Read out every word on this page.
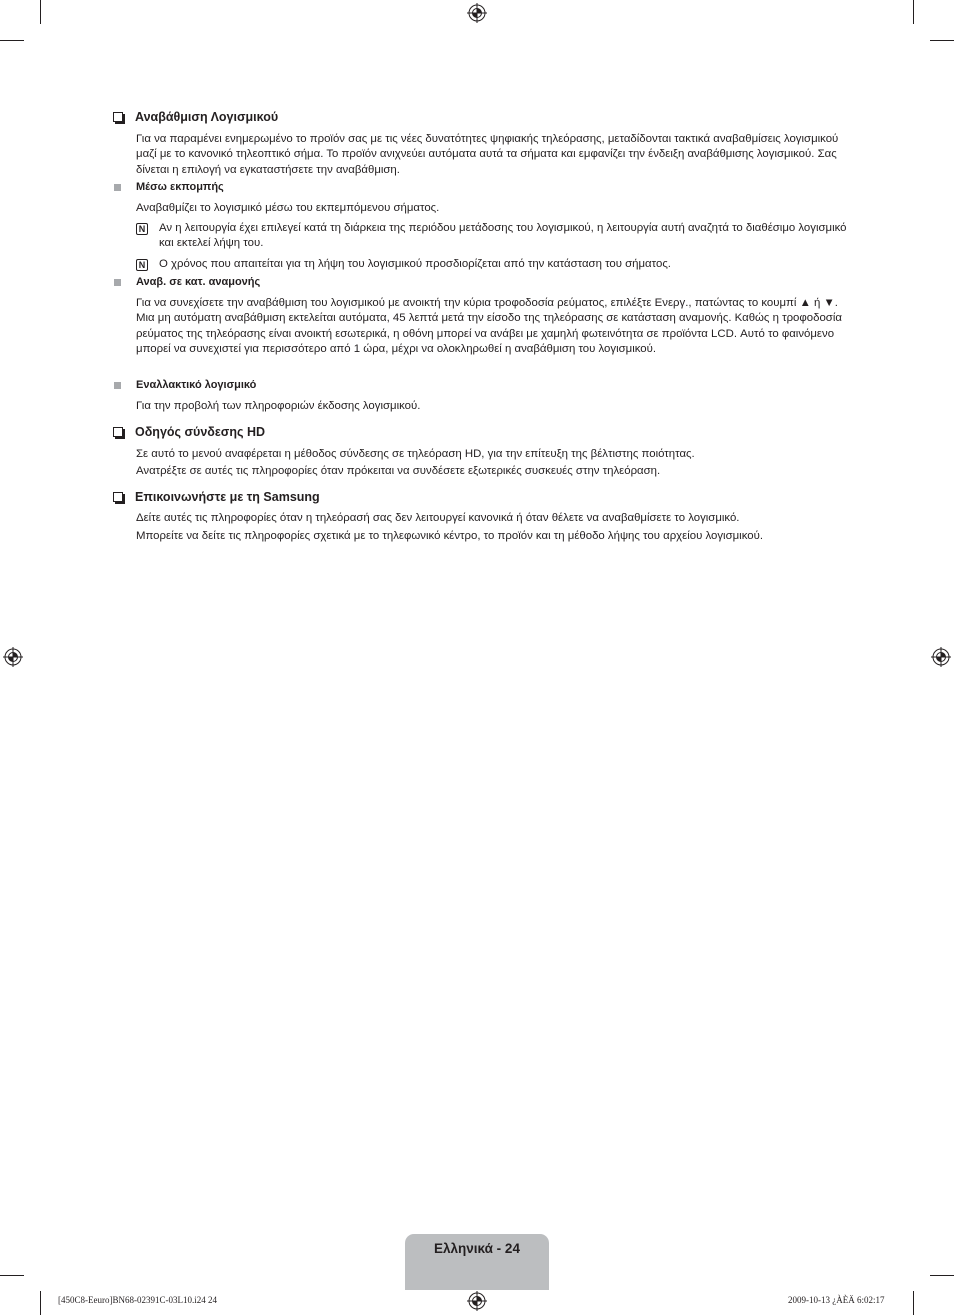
Αναβάθμιση Λογισμικού
Για να παραμένει ενημερωμένο το προϊόν σας με τις νέες δυνατότητες ψηφιακής τηλεόρασης, μεταδίδονται τακτικά αναβαθμίσεις λογισμικού μαζί με το κανονικό τηλεοπτικό σήμα. Το προϊόν ανιχνεύει αυτόματα αυτά τα σήματα και εμφανίζει την ένδειξη αναβάθμισης λογισμικού. Σας δίνεται η επιλογή να εγκαταστήσετε την αναβάθμιση.
Μέσω εκπομπής
Αναβαθμίζει το λογισμικό μέσω του εκπεμπόμενου σήματος.
N Αν η λειτουργία έχει επιλεγεί κατά τη διάρκεια της περιόδου μετάδοσης του λογισμικού, η λειτουργία αυτή αναζητά το διαθέσιμο λογισμικό και εκτελεί λήψη του.
N Ο χρόνος που απαιτείται για τη λήψη του λογισμικού προσδιορίζεται από την κατάσταση του σήματος.
Αναβ. σε κατ. αναμονής
Για να συνεχίσετε την αναβάθμιση του λογισμικού με ανοικτή την κύρια τροφοδοσία ρεύματος, επιλέξτε Ενεργ., πατώντας το κουμπί ▲ ή ▼. Μια μη αυτόματη αναβάθμιση εκτελείται αυτόματα, 45 λεπτά μετά την είσοδο της τηλεόρασης σε κατάσταση αναμονής. Καθώς η τροφοδοσία ρεύματος της τηλεόρασης είναι ανοικτή εσωτερικά, η οθόνη μπορεί να ανάβει με χαμηλή φωτεινότητα σε προϊόντα LCD. Αυτό το φαινόμενο μπορεί να συνεχιστεί για περισσότερο από 1 ώρα, μέχρι να ολοκληρωθεί η αναβάθμιση του λογισμικού.
Εναλλακτικό λογισμικό
Για την προβολή των πληροφοριών έκδοσης λογισμικού.
Οδηγός σύνδεσης HD
Σε αυτό το μενού αναφέρεται η μέθοδος σύνδεσης σε τηλεόραση HD, για την επίτευξη της βέλτιστης ποιότητας.
Ανατρέξτε σε αυτές τις πληροφορίες όταν πρόκειται να συνδέσετε εξωτερικές συσκευές στην τηλεόραση.
Επικοινωνήστε με τη Samsung
Δείτε αυτές τις πληροφορίες όταν η τηλεόρασή σας δεν λειτουργεί κανονικά ή όταν θέλετε να αναβαθμίσετε το λογισμικό.
Μπορείτε να δείτε τις πληροφορίες σχετικά με το τηλεφωνικό κέντρο, το προϊόν και τη μέθοδο λήψης του αρχείου λογισμικού.
Ελληνικά - 24
[450C8-Eeuro]BN68-02391C-03L10.i24 24	2009-10-13 ¿ÀÈÄ 6:02:17
